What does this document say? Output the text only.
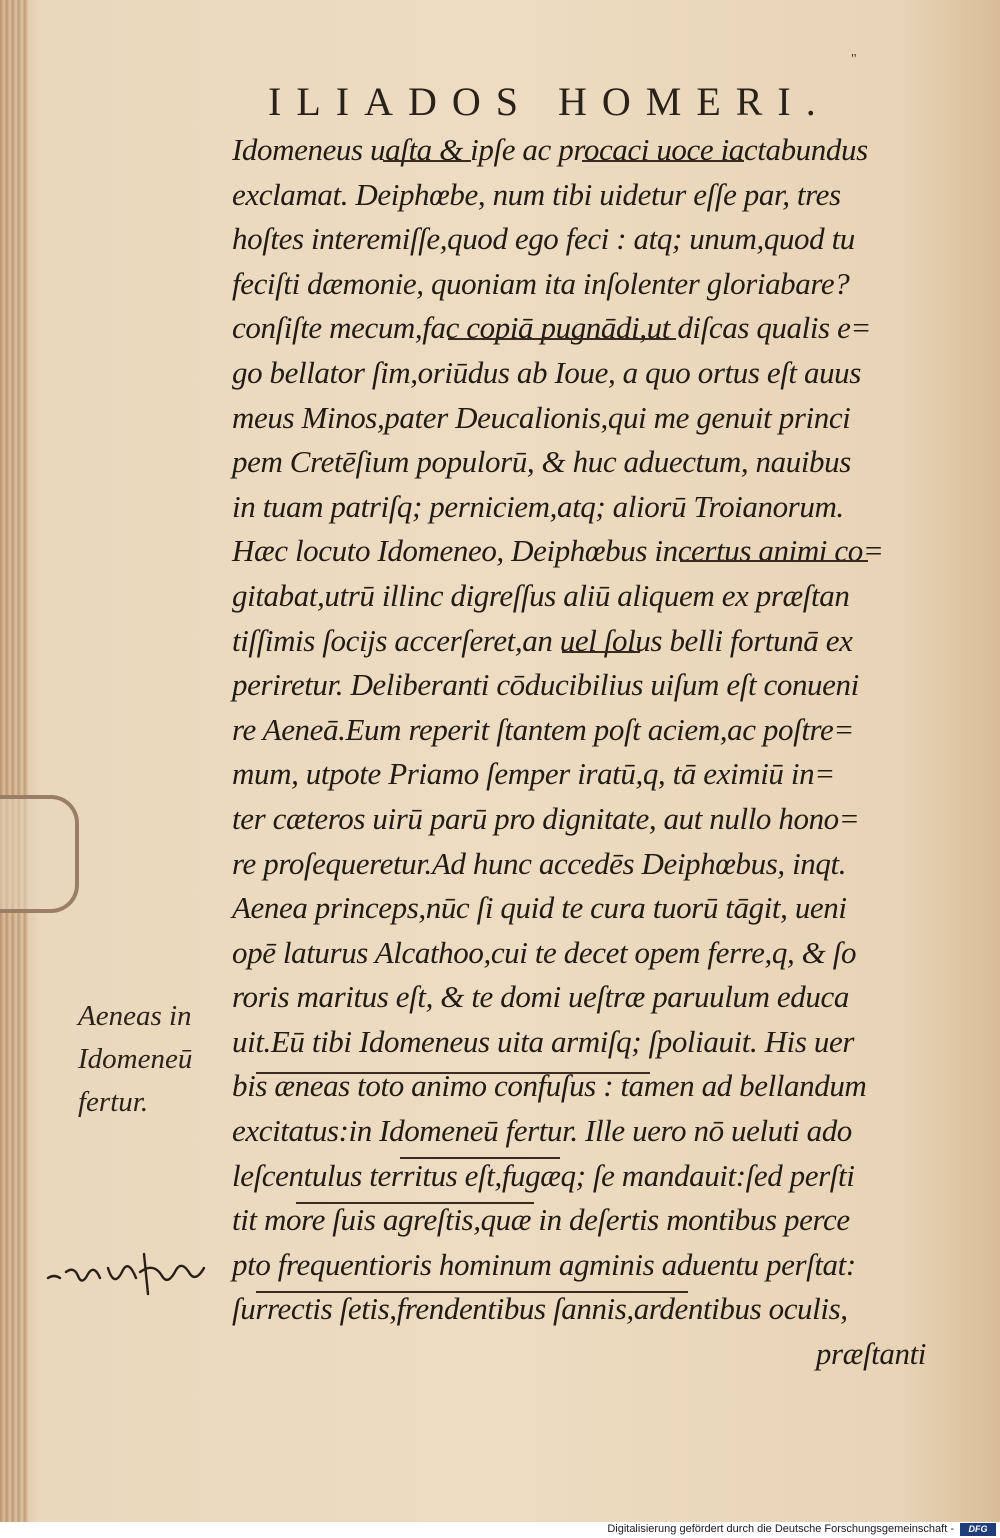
ILIADOS HOMERI.
"
Idomeneus uaſta & ipſe ac procaci uoce iactabundus
exclamat. Deiphœbe, num tibi uidetur eſſe par, tres
hoſtes interemiſſe,quod ego feci : atq; unum,quod tu
feciſti dæmonie, quoniam ita inſolenter gloriabare?
conſiſte mecum,fac copiā pugnādi,ut diſcas qualis e=
go bellator ſim,oriūdus ab Ioue, a quo ortus eſt auus
meus Minos,pater Deucalionis,qui me genuit princi
pem Cretēſium populorū, & huc aduectum, nauibus
in tuam patriſq; perniciem,atq; aliorū Troianorum.
Hæc locuto Idomeneo, Deiphœbus incertus animi co=
gitabat,utrū illinc digreſſus aliū aliquem ex præſtan
tiſſimis ſocijs accerſeret,an uel ſolus belli fortunā ex
periretur. Deliberanti cōducibilius uiſum eſt conueni
re Aeneā.Eum reperit ſtantem poſt aciem,ac poſtre=
mum, utpote Priamo ſemper iratū,q, tā eximiū in=
ter cæteros uirū parū pro dignitate, aut nullo hono=
re proſequeretur.Ad hunc accedēs Deiphœbus, inqt.
Aenea princeps,nūc ſi quid te cura tuorū tāgit, ueni
opē laturus Alcathoo,cui te decet opem ferre,q, & ſo
roris maritus eſt, & te domi ueſtræ paruulum educa
uit.Eū tibi Idomeneus uita armiſq; ſpoliauit. His uer
bis æneas toto animo confuſus : tamen ad bellandum
excitatus:in Idomeneū fertur. Ille uero nō ueluti ado
leſcentulus territus eſt,fugæq; ſe mandauit:ſed perſti
tit more ſuis agreſtis,quæ in deſertis montibus perce
pto frequentioris hominum agminis aduentu perſtat:
ſurrectis ſetis,frendentibus ſannis,ardentibus oculis,
præſtanti
Aeneas in
Idomeneū
fertur.
Digitalisierung gefördert durch die Deutsche Forschungsgemeinschaft -	DFG
